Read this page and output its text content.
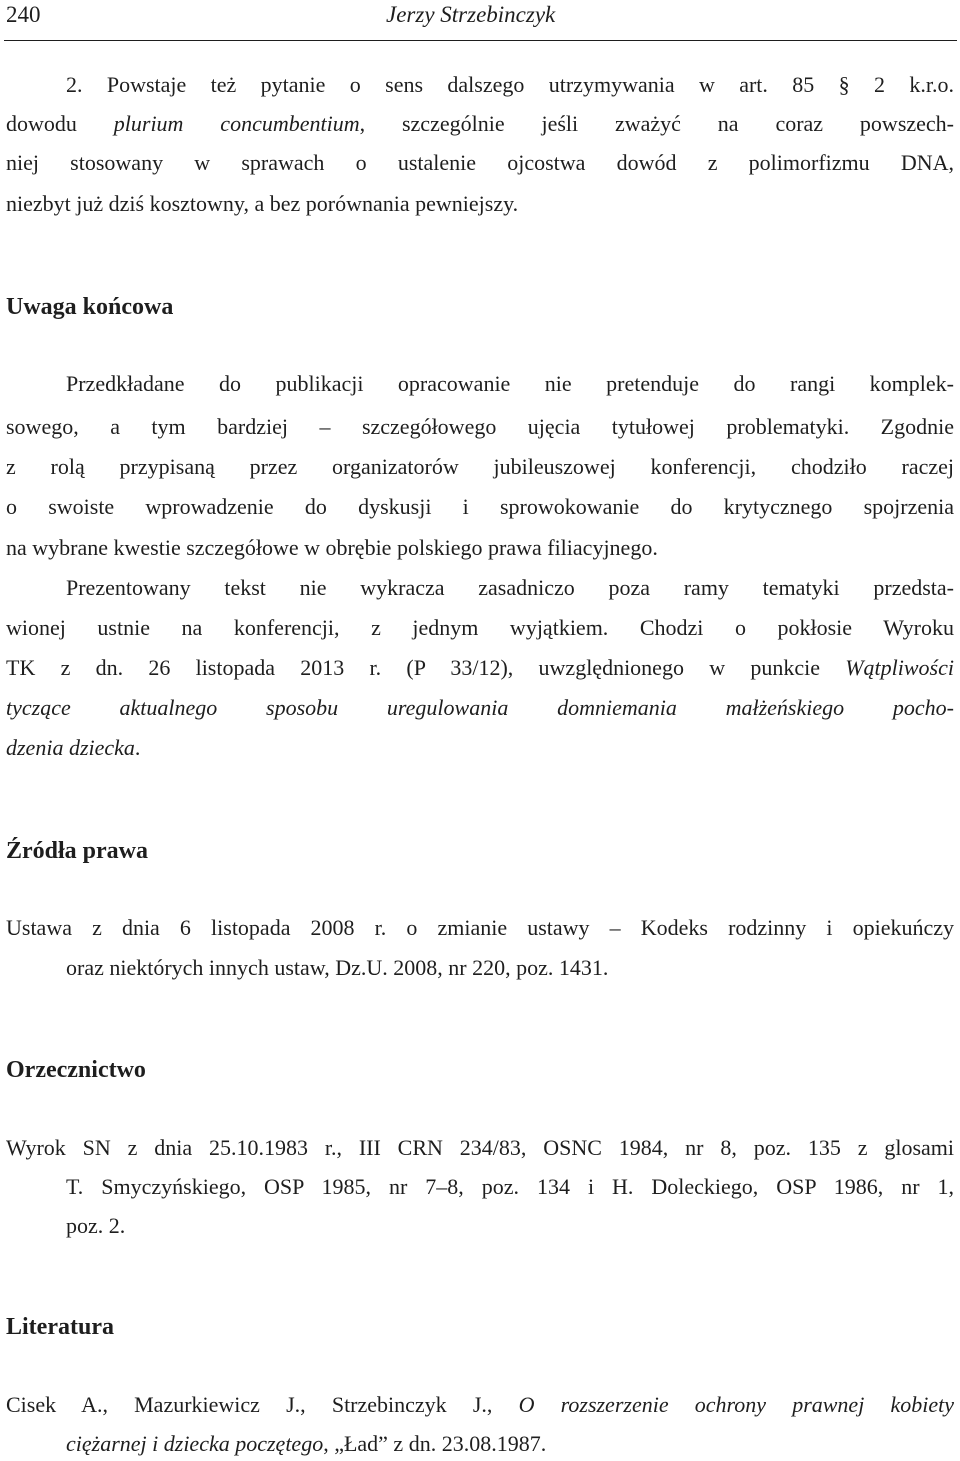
240	Jerzy Strzebinczyk
2. Powstaje też pytanie o sens dalszego utrzymywania w art. 85 § 2 k.r.o.
dowodu plurium concumbentium, szczególnie jeśli zważyć na coraz powszech-
niej stosowany w sprawach o ustalenie ojcostwa dowód z polimorfizmu DNA,
niezbyt już dziś kosztowny, a bez porównania pewniejszy.
Uwaga końcowa
Przedkładane do publikacji opracowanie nie pretenduje do rangi komplek-
sowego, a tym bardziej – szczegółowego ujęcia tytułowej problematyki. Zgodnie
z rolą przypisaną przez organizatorów jubileuszowej konferencji, chodziło raczej
o swoiste wprowadzenie do dyskusji i sprowokowanie do krytycznego spojrzenia
na wybrane kwestie szczegółowe w obrębie polskiego prawa filiacyjnego.
Prezentowany tekst nie wykracza zasadniczo poza ramy tematyki przedsta-
wionej ustnie na konferencji, z jednym wyjątkiem. Chodzi o pokłosie Wyroku
TK z dn. 26 listopada 2013 r. (P 33/12), uwzględnionego w punkcie Wątpliwości
tyczące aktualnego sposobu uregulowania domniemania małżeńskiego pocho-
dzenia dziecka.
Źródła prawa
Ustawa z dnia 6 listopada 2008 r. o zmianie ustawy – Kodeks rodzinny i opiekuńczy
oraz niektórych innych ustaw, Dz.U. 2008, nr 220, poz. 1431.
Orzecznictwo
Wyrok SN z dnia 25.10.1983 r., III CRN 234/83, OSNC 1984, nr 8, poz. 135 z glosami
T. Smyczyńskiego, OSP 1985, nr 7–8, poz. 134 i H. Doleckiego, OSP 1986, nr 1,
poz. 2.
Literatura
Cisek A., Mazurkiewicz J., Strzebinczyk J., O rozszerzenie ochrony prawnej kobiety
ciężarnej i dziecka poczętego, „Ład” z dn. 23.08.1987.
